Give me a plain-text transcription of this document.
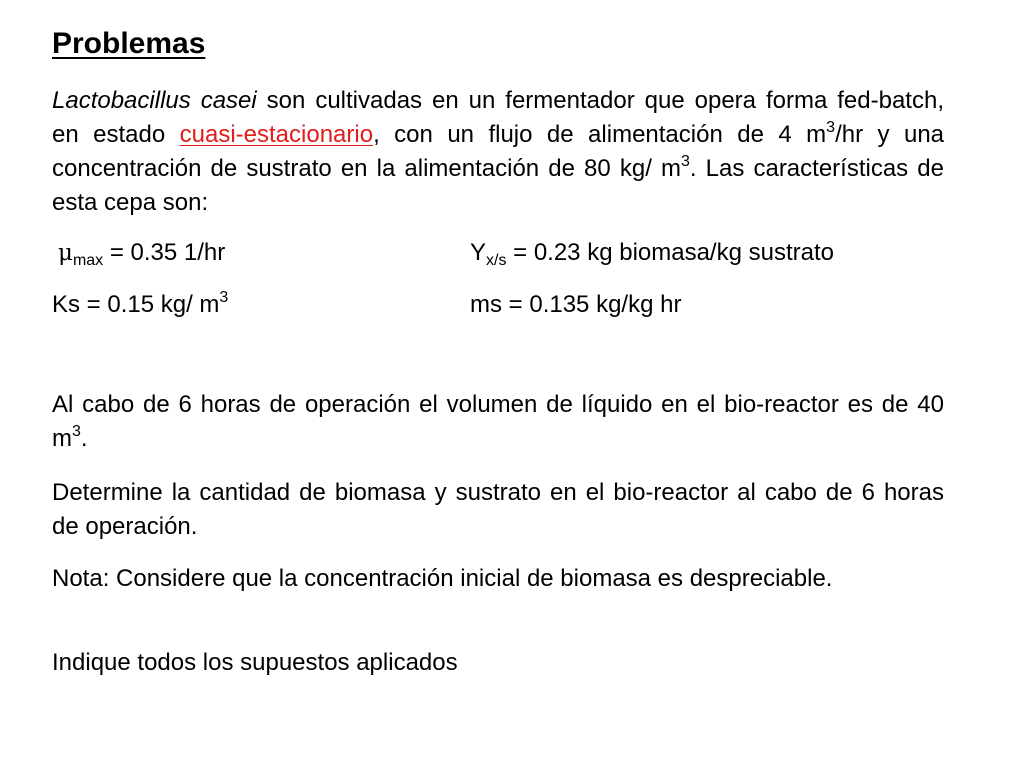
Problemas

Lactobacillus casei son cultivadas en un fermentador que opera forma fed-batch, en estado cuasi-estacionario, con un flujo de alimentación de 4 $m^3/hr$ y una concentración de sustrato en la alimentación de 80 kg/ $m^3$. Las características de esta cepa son:

$\mu_{max} = 0.35$ 1/hr	$Y_{x/s} = 0.23$ kg biomasa/kg sustrato
Ks = 0.15 kg/ $m^3$	ms = 0.135 kg/kg hr

Al cabo de 6 horas de operación el volumen de líquido en el bio-reactor es de 40 $m^3$.

Determine la cantidad de biomasa y sustrato en el bio-reactor al cabo de 6 horas de operación.

Nota: Considere que la concentración inicial de biomasa es despreciable.

Indique todos los supuestos aplicados
